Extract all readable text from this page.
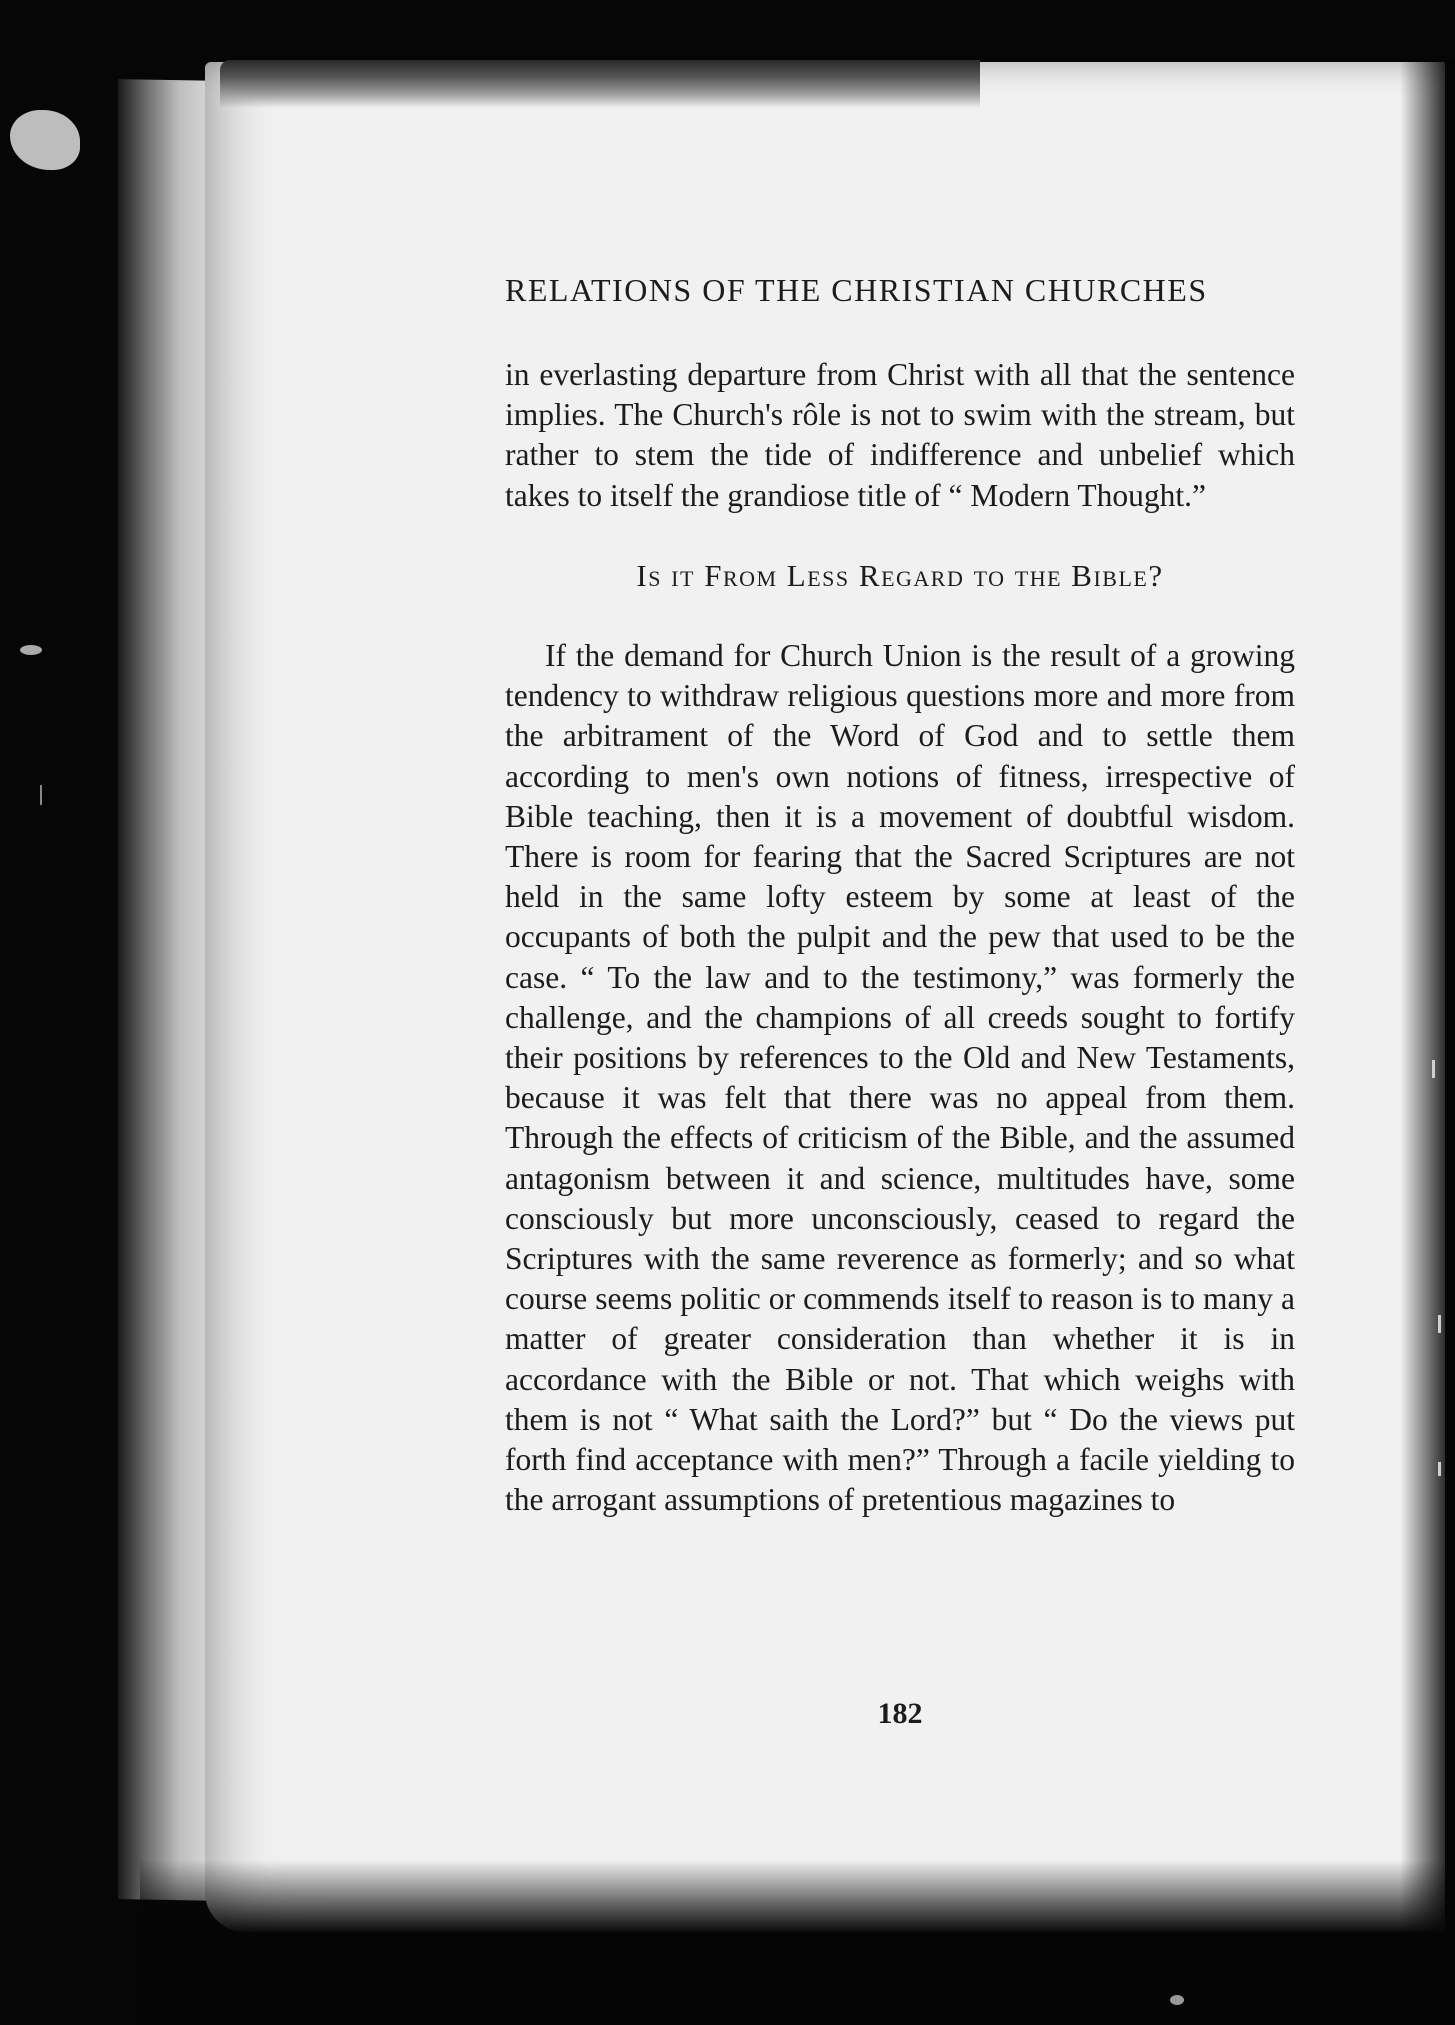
RELATIONS OF THE CHRISTIAN CHURCHES

in everlasting departure from Christ with all that the sentence implies. The Church's rôle is not to swim with the stream, but rather to stem the tide of indifference and unbelief which takes to itself the grandiose title of “ Modern Thought.”

Is it From Less Regard to the Bible?

If the demand for Church Union is the result of a growing tendency to withdraw religious questions more and more from the arbitrament of the Word of God and to settle them according to men's own notions of fitness, irrespective of Bible teaching, then it is a movement of doubtful wisdom. There is room for fearing that the Sacred Scriptures are not held in the same lofty esteem by some at least of the occupants of both the pulpit and the pew that used to be the case. “ To the law and to the testimony,” was formerly the challenge, and the champions of all creeds sought to fortify their positions by references to the Old and New Testaments, because it was felt that there was no appeal from them. Through the effects of criticism of the Bible, and the assumed antagonism between it and science, multitudes have, some consciously but more unconsciously, ceased to regard the Scriptures with the same reverence as formerly; and so what course seems politic or commends itself to reason is to many a matter of greater consideration than whether it is in accordance with the Bible or not. That which weighs with them is not “ What saith the Lord?” but “ Do the views put forth find acceptance with men?” Through a facile yielding to the arrogant assumptions of pretentious magazines to

182
